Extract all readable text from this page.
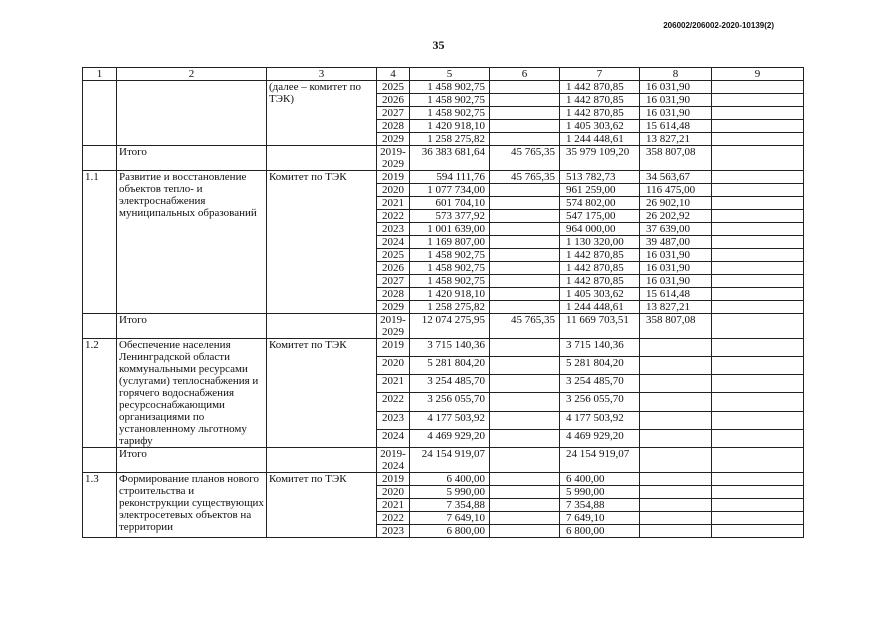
206002/206002-2020-10139(2)
35
1	2	3	4	5	6	7	8	9
		(далее – комитет по ТЭК)	2025	1 458 902,75		1 442 870,85	16 031,90	
			2026	1 458 902,75		1 442 870,85	16 031,90	
			2027	1 458 902,75		1 442 870,85	16 031,90	
			2028	1 420 918,10		1 405 303,62	15 614,48	
			2029	1 258 275,82		1 244 448,61	13 827,21	
	Итого		2019-2029	36 383 681,64	45 765,35	35 979 109,20	358 807,08	
1.1	Развитие и восстановление объектов тепло- и электроснабжения муниципальных образований	Комитет по ТЭК	2019	594 111,76	45 765,35	513 782,73	34 563,67	
			2020	1 077 734,00		961 259,00	116 475,00	
			2021	601 704,10		574 802,00	26 902,10	
			2022	573 377,92		547 175,00	26 202,92	
			2023	1 001 639,00		964 000,00	37 639,00	
			2024	1 169 807,00		1 130 320,00	39 487,00	
			2025	1 458 902,75		1 442 870,85	16 031,90	
			2026	1 458 902,75		1 442 870,85	16 031,90	
			2027	1 458 902,75		1 442 870,85	16 031,90	
			2028	1 420 918,10		1 405 303,62	15 614,48	
			2029	1 258 275,82		1 244 448,61	13 827,21	
	Итого		2019-2029	12 074 275,95	45 765,35	11 669 703,51	358 807,08	
1.2	Обеспечение населения Ленинградской области коммунальными ресурсами (услугами) теплоснабжения и горячего водоснабжения ресурсоснабжающими организациями по установленному льготному тарифу	Комитет по ТЭК	2019	3 715 140,36		3 715 140,36		
			2020	5 281 804,20		5 281 804,20		
			2021	3 254 485,70		3 254 485,70		
			2022	3 256 055,70		3 256 055,70		
			2023	4 177 503,92		4 177 503,92		
			2024	4 469 929,20		4 469 929,20		
	Итого		2019-2024	24 154 919,07		24 154 919,07		
1.3	Формирование планов нового строительства и реконструкции существующих электросетевых объектов на территории	Комитет по ТЭК	2019	6 400,00		6 400,00		
			2020	5 990,00		5 990,00		
			2021	7 354,88		7 354,88		
			2022	7 649,10		7 649,10		
			2023	6 800,00		6 800,00		
